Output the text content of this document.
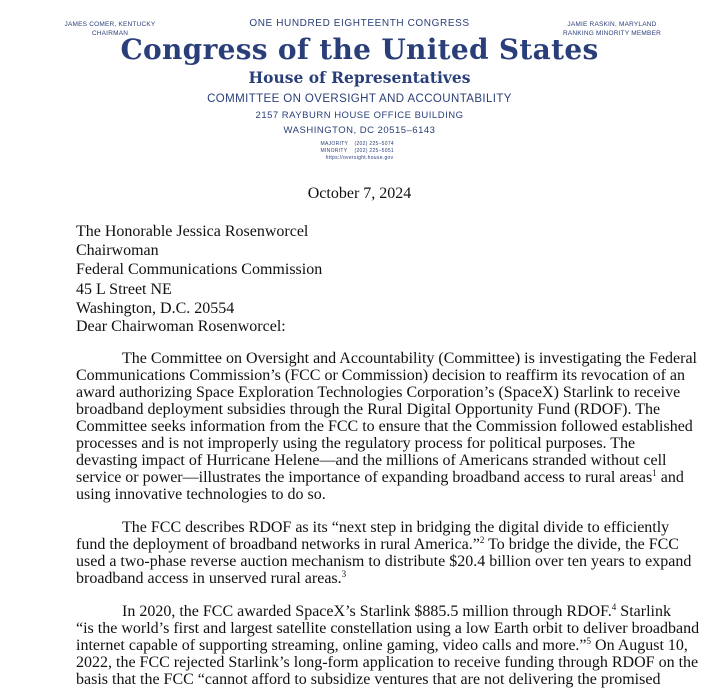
JAMES COMER, KENTUCKY
CHAIRMAN
JAMIE RASKIN, MARYLAND
RANKING MINORITY MEMBER
ONE HUNDRED EIGHTEENTH CONGRESS
Congress of the United States
House of Representatives
COMMITTEE ON OVERSIGHT AND ACCOUNTABILITY
2157 RAYBURN HOUSE OFFICE BUILDING
WASHINGTON, DC 20515–6143
MAJORITY (202) 225–5074
MINORITY (202) 225–5051
https://oversight.house.gov
October 7, 2024
The Honorable Jessica Rosenworcel
Chairwoman
Federal Communications Commission
45 L Street NE
Washington, D.C. 20554
Dear Chairwoman Rosenworcel:
The Committee on Oversight and Accountability (Committee) is investigating the Federal
Communications Commission’s (FCC or Commission) decision to reaffirm its revocation of an
award authorizing Space Exploration Technologies Corporation’s (SpaceX) Starlink to receive
broadband deployment subsidies through the Rural Digital Opportunity Fund (RDOF). The
Committee seeks information from the FCC to ensure that the Commission followed established
processes and is not improperly using the regulatory process for political purposes. The
devasting impact of Hurricane Helene—and the millions of Americans stranded without cell
service or power—illustrates the importance of expanding broadband access to rural areas$^1$ and
using innovative technologies to do so.
The FCC describes RDOF as its “next step in bridging the digital divide to efficiently
fund the deployment of broadband networks in rural America.”$^2$ To bridge the divide, the FCC
used a two-phase reverse auction mechanism to distribute $20.4 billion over ten years to expand
broadband access in unserved rural areas.$^3$
In 2020, the FCC awarded SpaceX’s Starlink $885.5 million through RDOF.$^4$ Starlink
“is the world’s first and largest satellite constellation using a low Earth orbit to deliver broadband
internet capable of supporting streaming, online gaming, video calls and more.”$^5$ On August 10,
2022, the FCC rejected Starlink’s long-form application to receive funding through RDOF on the
basis that the FCC “cannot afford to subsidize ventures that are not delivering the promised
